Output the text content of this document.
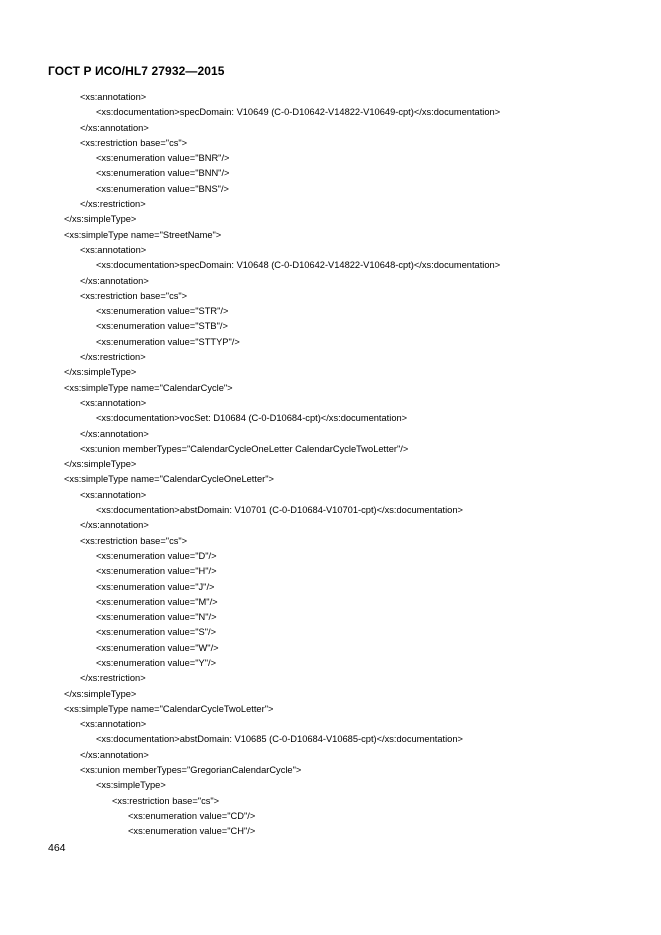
ГОСТ Р ИСО/HL7 27932—2015
<xs:annotation>
<xs:documentation>specDomain: V10649 (C-0-D10642-V14822-V10649-cpt)</xs:documentation>
</xs:annotation>
<xs:restriction base="cs">
<xs:enumeration value="BNR"/>
<xs:enumeration value="BNN"/>
<xs:enumeration value="BNS"/>
</xs:restriction>
</xs:simpleType>
<xs:simpleType name="StreetName">
<xs:annotation>
<xs:documentation>specDomain: V10648 (C-0-D10642-V14822-V10648-cpt)</xs:documentation>
</xs:annotation>
<xs:restriction base="cs">
<xs:enumeration value="STR"/>
<xs:enumeration value="STB"/>
<xs:enumeration value="STTYP"/>
</xs:restriction>
</xs:simpleType>
<xs:simpleType name="CalendarCycle">
<xs:annotation>
<xs:documentation>vocSet: D10684 (C-0-D10684-cpt)</xs:documentation>
</xs:annotation>
<xs:union memberTypes="CalendarCycleOneLetter CalendarCycleTwoLetter"/>
</xs:simpleType>
<xs:simpleType name="CalendarCycleOneLetter">
<xs:annotation>
<xs:documentation>abstDomain: V10701 (C-0-D10684-V10701-cpt)</xs:documentation>
</xs:annotation>
<xs:restriction base="cs">
<xs:enumeration value="D"/>
<xs:enumeration value="H"/>
<xs:enumeration value="J"/>
<xs:enumeration value="M"/>
<xs:enumeration value="N"/>
<xs:enumeration value="S"/>
<xs:enumeration value="W"/>
<xs:enumeration value="Y"/>
</xs:restriction>
</xs:simpleType>
<xs:simpleType name="CalendarCycleTwoLetter">
<xs:annotation>
<xs:documentation>abstDomain: V10685 (C-0-D10684-V10685-cpt)</xs:documentation>
</xs:annotation>
<xs:union memberTypes="GregorianCalendarCycle">
<xs:simpleType>
<xs:restriction base="cs">
<xs:enumeration value="CD"/>
<xs:enumeration value="CH"/>
464
